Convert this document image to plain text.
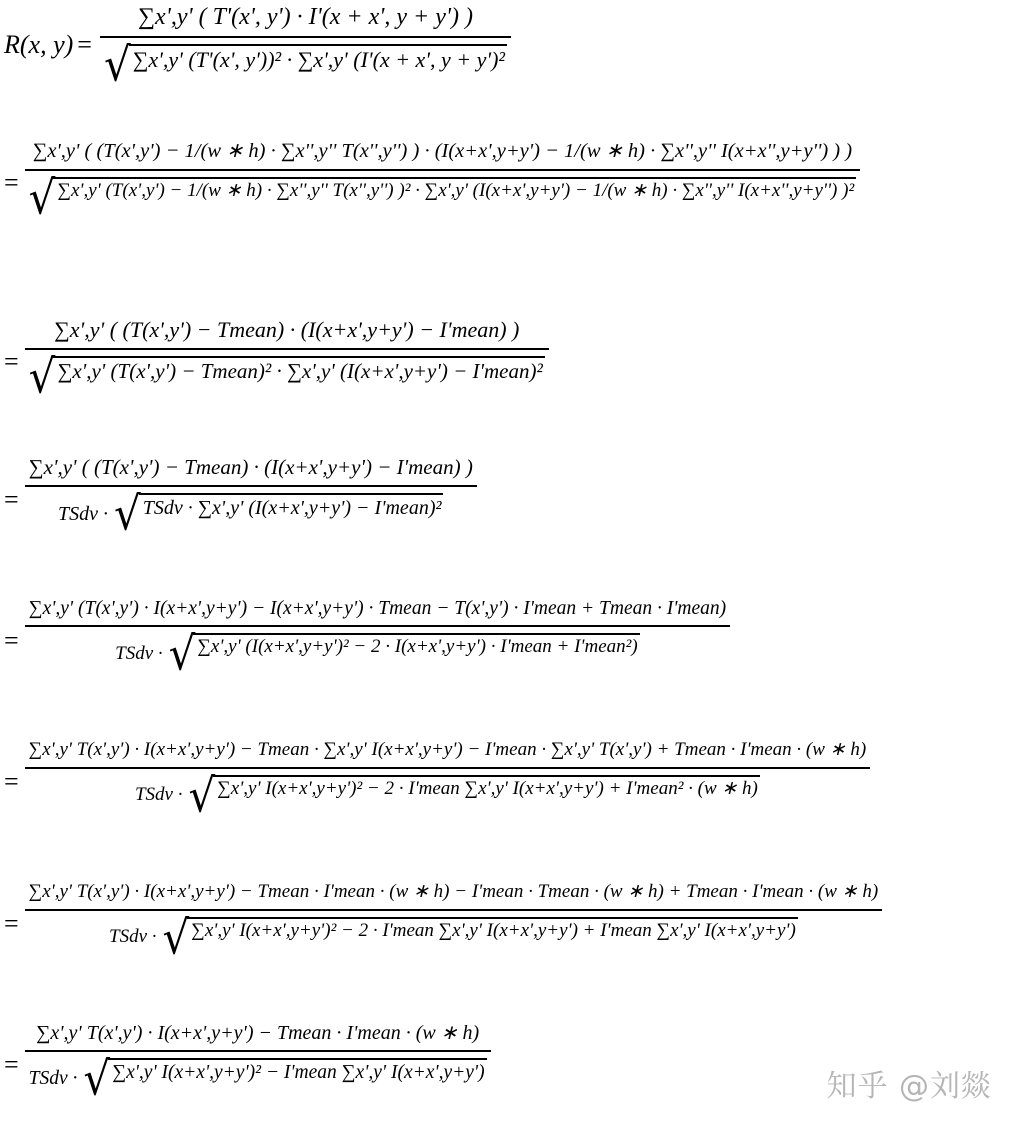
R(x, y) =
∑x',y' ( T'(x', y') · I'(x + x', y + y') )
√ ∑x',y' (T'(x', y'))² · ∑x',y' (I'(x + x', y + y')²
=
∑x',y' ( (T(x',y') − 1/(w ∗ h) · ∑x'',y'' T(x'',y'') ) · (I(x+x',y+y') − 1/(w ∗ h) · ∑x'',y'' I(x+x'',y+y'') ) )
√ ∑x',y' (T(x',y') − 1/(w ∗ h) · ∑x'',y'' T(x'',y'') )² · ∑x',y' (I(x+x',y+y') − 1/(w ∗ h) · ∑x'',y'' I(x+x'',y+y'') )²
=
∑x',y' ( (T(x',y') − Tmean) · (I(x+x',y+y') − I'mean) )
√ ∑x',y' (T(x',y') − Tmean)² · ∑x',y' (I(x+x',y+y') − I'mean)²
=
∑x',y' ( (T(x',y') − Tmean) · (I(x+x',y+y') − I'mean) )
TSdv · √ TSdv · ∑x',y' (I(x+x',y+y') − I'mean)²
=
∑x',y' (T(x',y') · I(x+x',y+y') − I(x+x',y+y') · Tmean − T(x',y') · I'mean + Tmean · I'mean)
TSdv · √ ∑x',y' (I(x+x',y+y')² − 2 · I(x+x',y+y') · I'mean + I'mean²)
=
∑x',y' T(x',y') · I(x+x',y+y') − Tmean · ∑x',y' I(x+x',y+y') − I'mean · ∑x',y' T(x',y') + Tmean · I'mean · (w ∗ h)
TSdv · √ ∑x',y' I(x+x',y+y')² − 2 · I'mean ∑x',y' I(x+x',y+y') + I'mean² · (w ∗ h)
=
∑x',y' T(x',y') · I(x+x',y+y') − Tmean · I'mean · (w ∗ h) − I'mean · Tmean · (w ∗ h) + Tmean · I'mean · (w ∗ h)
TSdv · √ ∑x',y' I(x+x',y+y')² − 2 · I'mean ∑x',y' I(x+x',y+y') + I'mean ∑x',y' I(x+x',y+y')
=
∑x',y' T(x',y') · I(x+x',y+y') − Tmean · I'mean · (w ∗ h)
TSdv · √ ∑x',y' I(x+x',y+y')² − I'mean ∑x',y' I(x+x',y+y')	知乎 @刘燚
